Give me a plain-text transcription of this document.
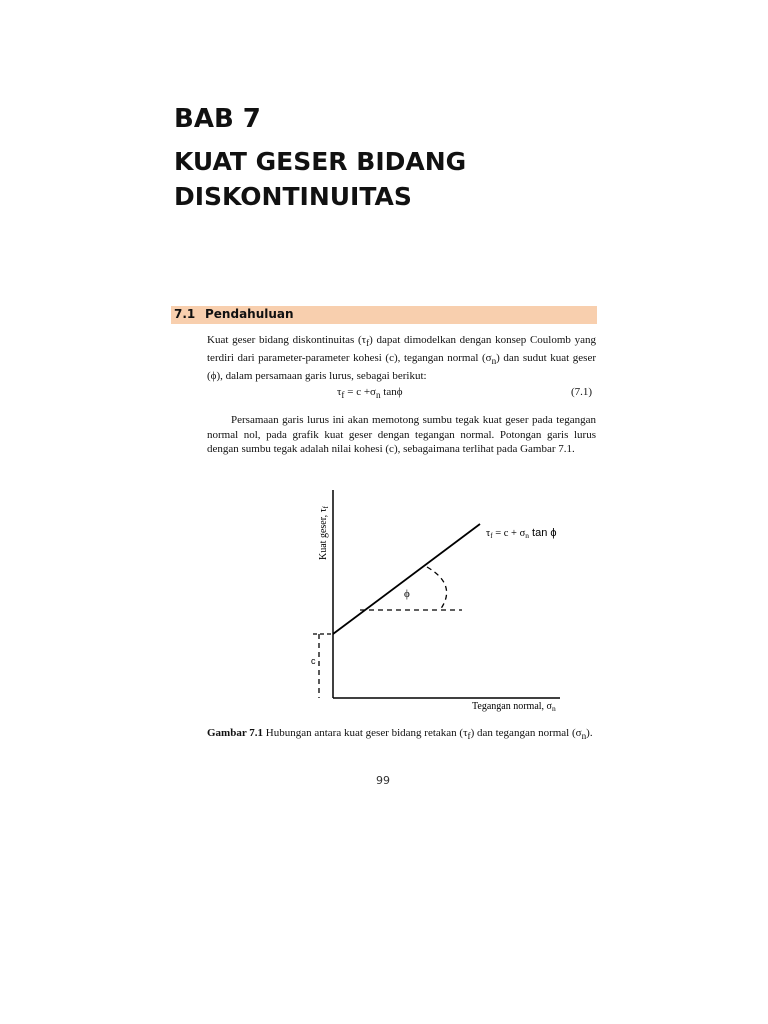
BAB 7
KUAT GESER BIDANG
DISKONTINUITAS
7.1 Pendahuluan

Kuat geser bidang diskontinuitas $(\tau_f)$ dapat dimodelkan dengan konsep Coulomb yang terdiri dari parameter-parameter kohesi (c), tegangan normal $(\sigma_n)$ dan sudut kuat geser (ϕ), dalam persamaan garis lurus, sebagai berikut:

$\tau_f = c +\sigma_n$ tanϕ	(7.1)

Persamaan garis lurus ini akan memotong sumbu tegak kuat geser pada tegangan normal nol, pada grafik kuat geser dengan tegangan normal. Potongan garis lurus dengan sumbu tegak adalah nilai kohesi (c), sebagaimana terlihat pada Gambar 7.1.

c
ϕ
τf = c + σn tan ϕ
Tegangan normal, $\sigma_n$
Kuat geser, $\tau_f$

Gambar 7.1 Hubungan antara kuat geser bidang retakan $(\tau_f)$ dan tegangan normal $(\sigma_n)$.

99
